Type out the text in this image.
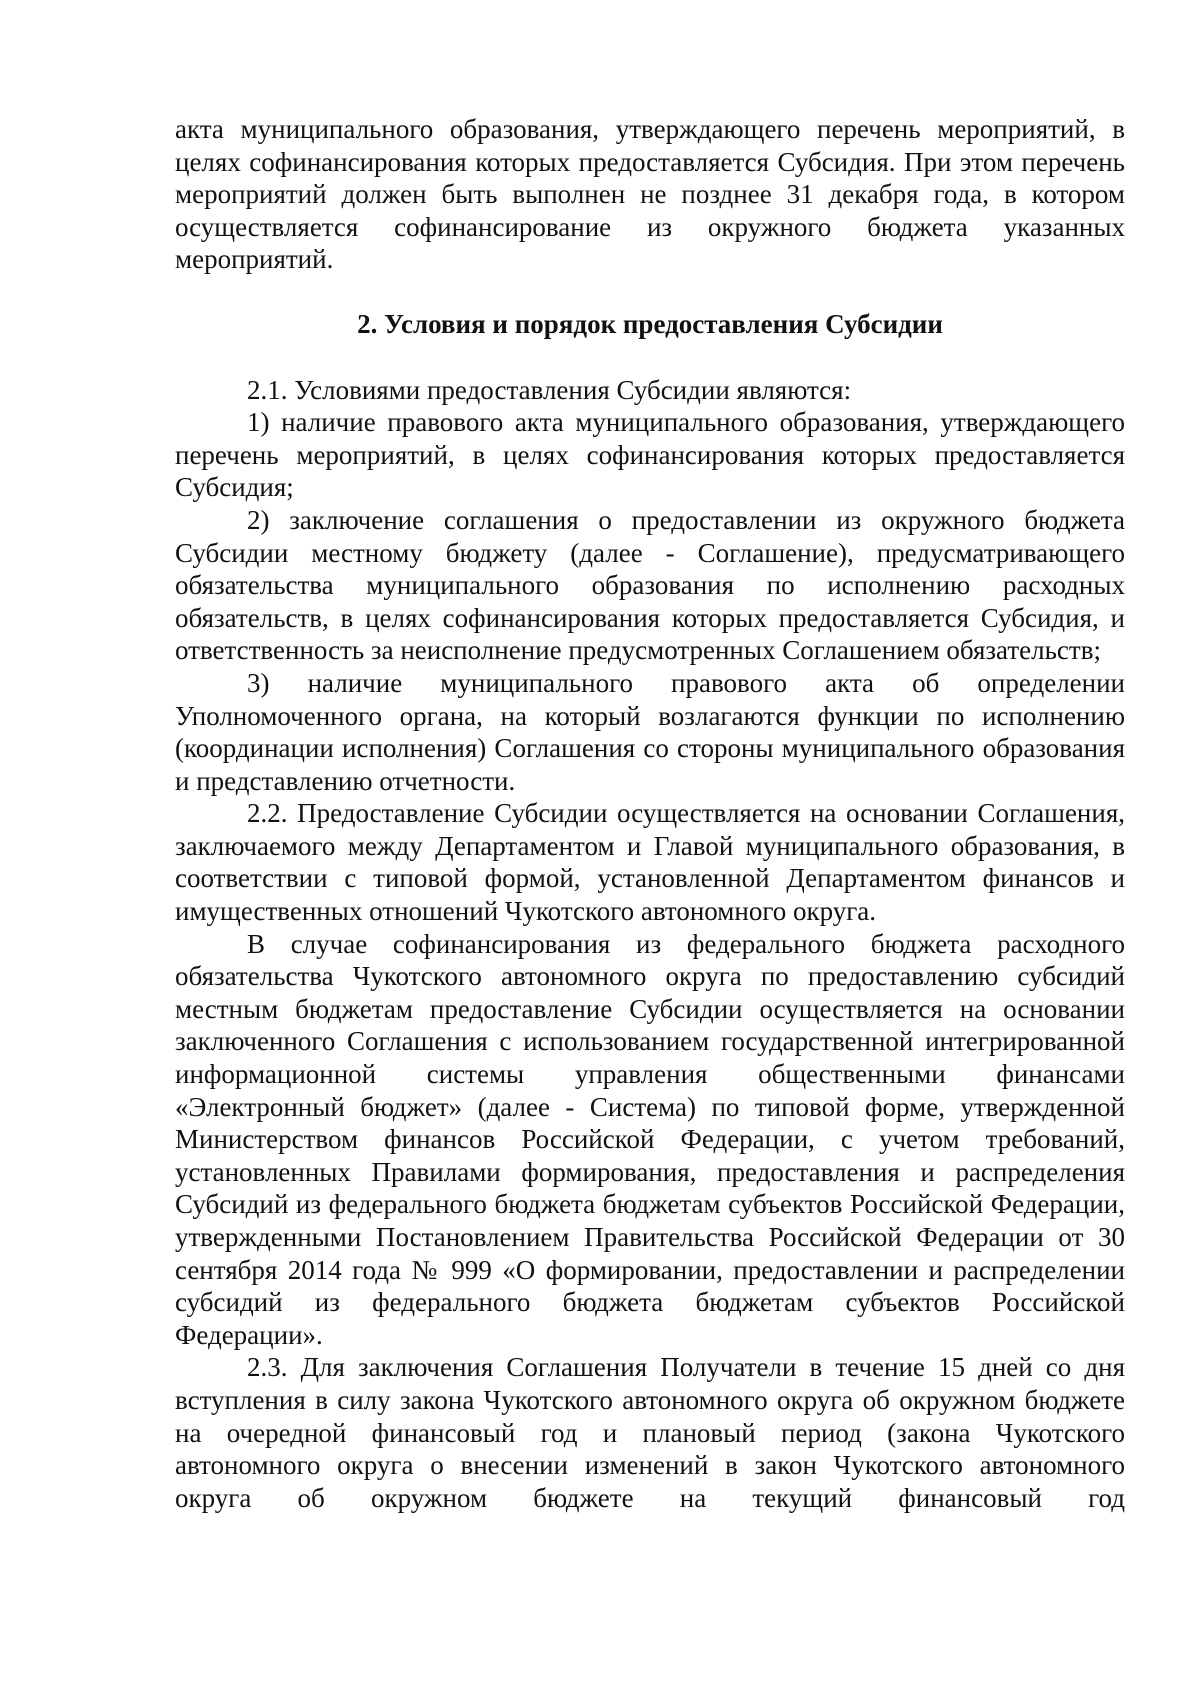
акта муниципального образования, утверждающего перечень мероприятий, в целях софинансирования которых предоставляется Субсидия. При этом перечень мероприятий должен быть выполнен не позднее 31 декабря года, в котором осуществляется софинансирование из окружного бюджета указанных мероприятий.

2. Условия и порядок предоставления Субсидии

2.1. Условиями предоставления Субсидии являются:

1) наличие правового акта муниципального образования, утверждающего перечень мероприятий, в целях софинансирования которых предоставляется Субсидия;

2) заключение соглашения о предоставлении из окружного бюджета Субсидии местному бюджету (далее - Соглашение), предусматривающего обязательства муниципального образования по исполнению расходных обязательств, в целях софинансирования которых предоставляется Субсидия, и ответственность за неисполнение предусмотренных Соглашением обязательств;

3) наличие муниципального правового акта об определении Уполномоченного органа, на который возлагаются функции по исполнению (координации исполнения) Соглашения со стороны муниципального образования и представлению отчетности.

2.2. Предоставление Субсидии осуществляется на основании Соглашения, заключаемого между Департаментом и Главой муниципального образования, в соответствии с типовой формой, установленной Департаментом финансов и имущественных отношений Чукотского автономного округа.

В случае софинансирования из федерального бюджета расходного обязательства Чукотского автономного округа по предоставлению субсидий местным бюджетам предоставление Субсидии осуществляется на основании заключенного Соглашения с использованием государственной интегрированной информационной системы управления общественными финансами «Электронный бюджет» (далее - Система) по типовой форме, утвержденной Министерством финансов Российской Федерации, с учетом требований, установленных Правилами формирования, предоставления и распределения Субсидий из федерального бюджета бюджетам субъектов Российской Федерации, утвержденными Постановлением Правительства Российской Федерации от 30 сентября 2014 года № 999 «О формировании, предоставлении и распределении субсидий из федерального бюджета бюджетам субъектов Российской Федерации».

2.3. Для заключения Соглашения Получатели в течение 15 дней со дня вступления в силу закона Чукотского автономного округа об окружном бюджете на очередной финансовый год и плановый период (закона Чукотского автономного округа о внесении изменений в закон Чукотского автономного округа об окружном бюджете на текущий финансовый год
